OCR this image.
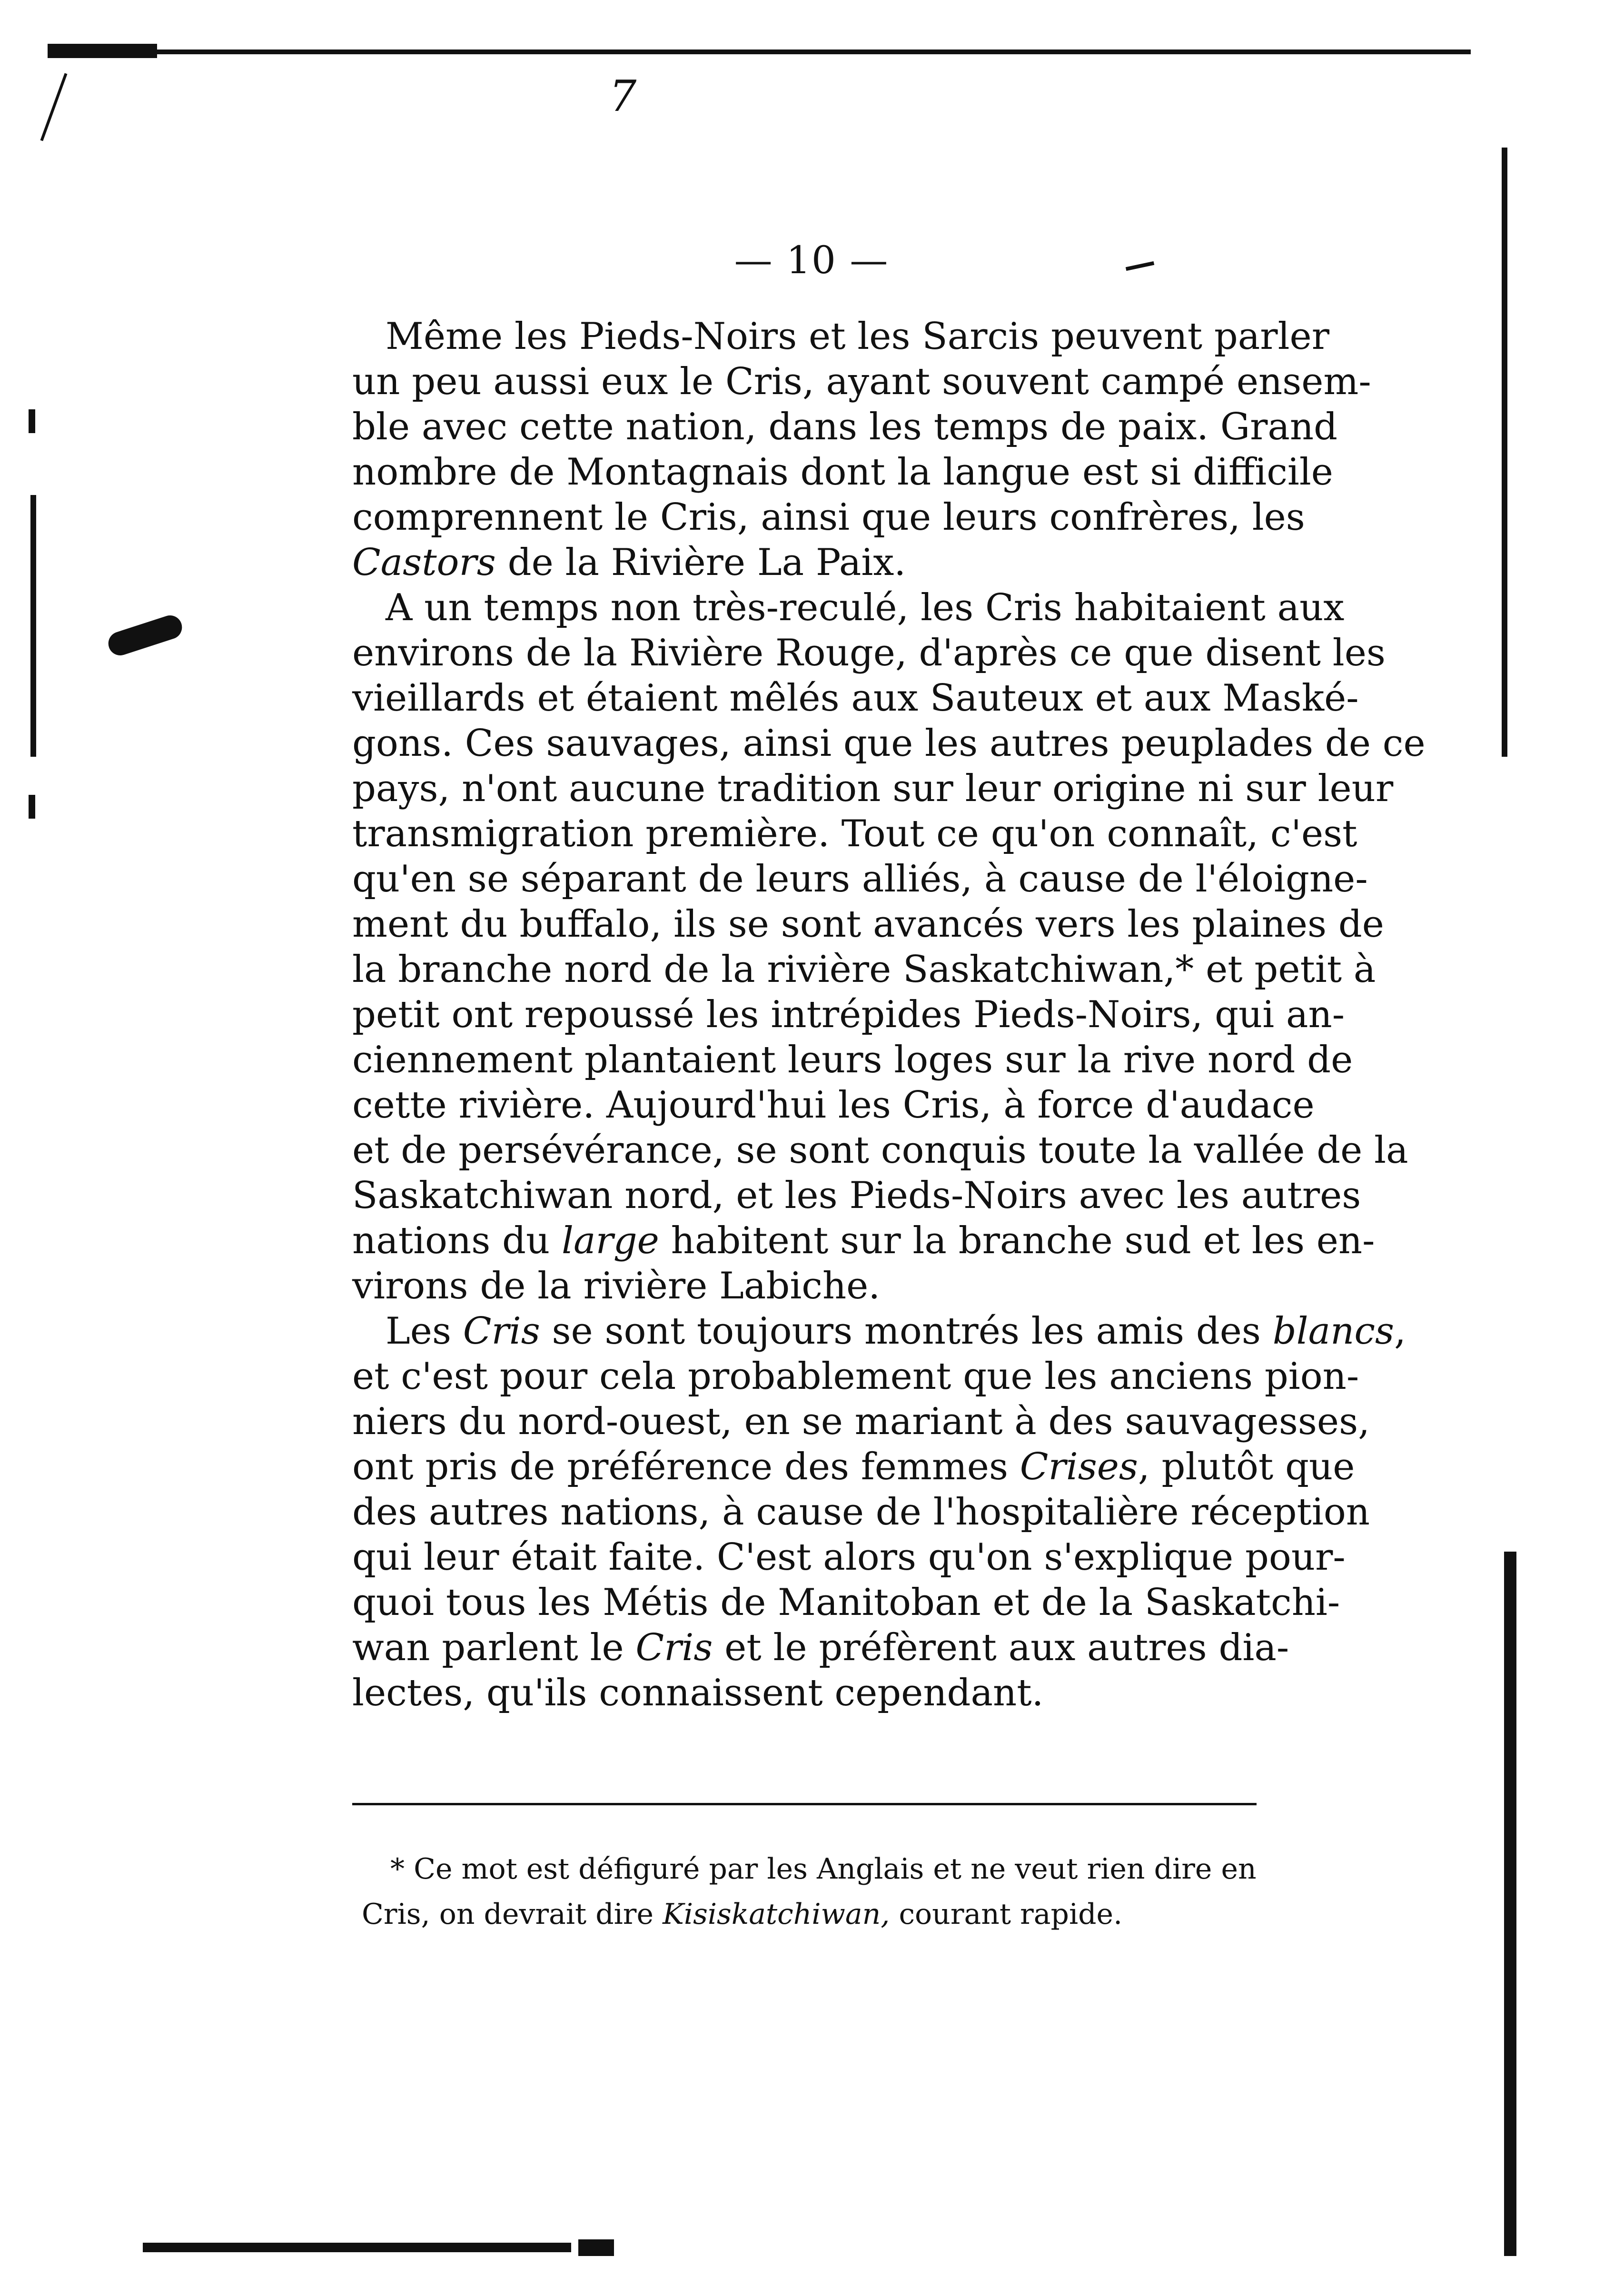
7
— 10 —
Même les Pieds-Noirs et les Sarcis peuvent parler
un peu aussi eux le Cris, ayant souvent campé ensem-
ble avec cette nation, dans les temps de paix. Grand
nombre de Montagnais dont la langue est si difficile
comprennent le Cris, ainsi que leurs confrères, les
Castors de la Rivière La Paix.
A un temps non très-reculé, les Cris habitaient aux
environs de la Rivière Rouge, d'après ce que disent les
vieillards et étaient mêlés aux Sauteux et aux Maské-
gons. Ces sauvages, ainsi que les autres peuplades de ce
pays, n'ont aucune tradition sur leur origine ni sur leur
transmigration première. Tout ce qu'on connaît, c'est
qu'en se séparant de leurs alliés, à cause de l'éloigne-
ment du buffalo, ils se sont avancés vers les plaines de
la branche nord de la rivière Saskatchiwan,* et petit à
petit ont repoussé les intrépides Pieds-Noirs, qui an-
ciennement plantaient leurs loges sur la rive nord de
cette rivière. Aujourd'hui les Cris, à force d'audace
et de persévérance, se sont conquis toute la vallée de la
Saskatchiwan nord, et les Pieds-Noirs avec les autres
nations du large habitent sur la branche sud et les en-
virons de la rivière Labiche.
Les Cris se sont toujours montrés les amis des blancs,
et c'est pour cela probablement que les anciens pion-
niers du nord-ouest, en se mariant à des sauvagesses,
ont pris de préférence des femmes Crises, plutôt que
des autres nations, à cause de l'hospitalière réception
qui leur était faite. C'est alors qu'on s'explique pour-
quoi tous les Métis de Manitoban et de la Saskatchi-
wan parlent le Cris et le préfèrent aux autres dia-
lectes, qu'ils connaissent cependant.
* Ce mot est défiguré par les Anglais et ne veut rien dire en
Cris, on devrait dire Kisiskatchiwan, courant rapide.
